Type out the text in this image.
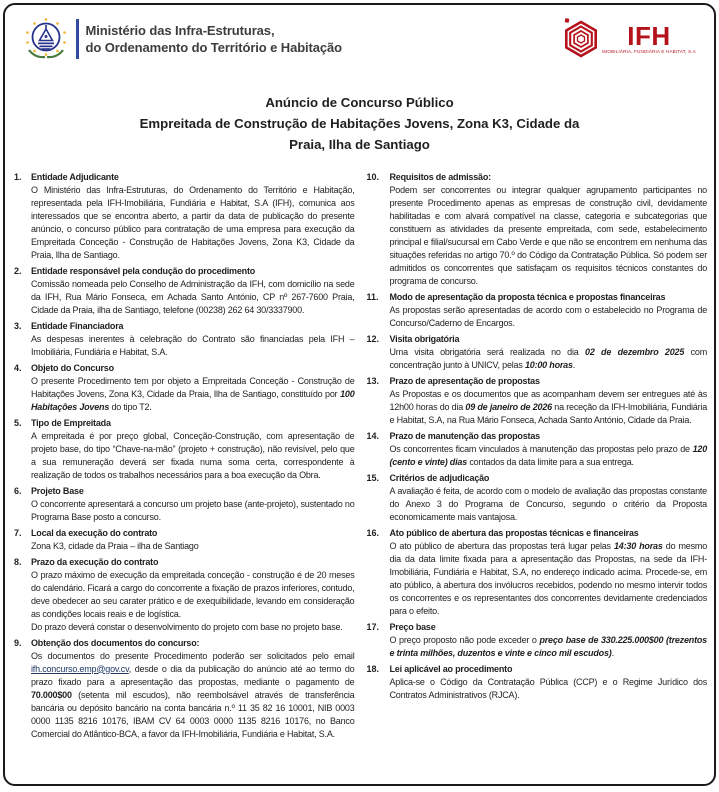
Ministério das Infra-Estruturas,
do Ordenamento do Território e Habitação	IFH
IMOBILIÁRIA, FUNDIÁRIA E HABITAT, S.A
Anúncio de Concurso Público
Empreitada de Construção de Habitações Jovens, Zona K3, Cidade da Praia, Ilha de Santiago
1.	Entidade Adjudicante

O Ministério das Infra-Estruturas, do Ordenamento do Território e Habitação, representada pela IFH-Imobiliária, Fundiária e Habitat, S.A (IFH), comunica aos interessados que se encontra aberto, a partir da data de publicação do presente anúncio, o concurso público para contratação de uma empresa para execução da Empreitada Conceção - Construção de Habitações Jovens, Zona K3, Cidade da Praia, Ilha de Santiago.

2.	Entidade responsável pela condução do procedimento

Comissão nomeada pelo Conselho de Administração da IFH, com domicílio na sede da IFH, Rua Mário Fonseca, em Achada Santo António, CP nº 267-7600 Praia, Cidade da Praia, ilha de Santiago, telefone (00238) 262 64 30/3337900.

3.	Entidade Financiadora

As despesas inerentes à celebração do Contrato são financiadas pela IFH – Imobiliária, Fundiária e Habitat, S.A.

4.	Objeto do Concurso

O presente Procedimento tem por objeto a Empreitada Conceção - Construção de Habitações Jovens, Zona K3, Cidade da Praia, Ilha de Santiago, constituído por 100 Habitações Jovens do tipo T2.

5.	Tipo de Empreitada

A empreitada é por preço global, Conceção-Construção, com apresentação de projeto base, do tipo “Chave-na-mão” (projeto + construção), não revisível, pelo que a sua remuneração deverá ser fixada numa soma certa, correspondente à realização de todos os trabalhos necessários para a boa execução da Obra.

6.	Projeto Base

O concorrente apresentará a concurso um projeto base (ante-projeto), sustentado no Programa Base posto a concurso.

7.	Local da execução do contrato

Zona K3, cidade da Praia – ilha de Santiago

8.	Prazo da execução do contrato

O prazo máximo de execução da empreitada conceção - construção é de 20 meses do calendário. Ficará a cargo do concorrente a fixação de prazos inferiores, contudo, deve obedecer ao seu carater prático e de exequibilidade, levando em consideração as condições locais reais e de logística.

Do prazo deverá constar o desenvolvimento do projeto com base no projeto base.

9.	Obtenção dos documentos do concurso:

Os documentos do presente Procedimento poderão ser solicitados pelo email ifh.concurso.emp@gov.cv, desde o dia da publicação do anúncio até ao termo do prazo fixado para a apresentação das propostas, mediante o pagamento de 70.000$00 (setenta mil escudos), não reembolsável através de transferência bancária ou depósito bancário na conta bancária n.º 11 35 82 16 10001, NIB 0003 0000 1135 8216 10176, IBAM CV 64 0003 0000 1135 8216 10176, no Banco Comercial do Atlântico-BCA, a favor da IFH-Imobiliária, Fundiária e Habitat, S.A.

10.	Requisitos de admissão:

Podem ser concorrentes ou integrar qualquer agrupamento participantes no presente Procedimento apenas as empresas de construção civil, devidamente habilitadas e com alvará compatível na classe, categoria e subcategorias que constituem as atividades da presente empreitada, com sede, estabelecimento principal e filial/sucursal em Cabo Verde e que não se encontrem em nenhuma das situações referidas no artigo 70.º do Código da Contratação Pública. Só podem ser admitidos os concorrentes que satisfaçam os requisitos técnicos constantes do programa de concurso.

11.	Modo de apresentação da proposta técnica e propostas financeiras

As propostas serão apresentadas de acordo com o estabelecido no Programa de Concurso/Caderno de Encargos.

12.	Visita obrigatória

Uma visita obrigatória será realizada no dia 02 de dezembro 2025 com concentração junto à UNICV, pelas 10:00 horas.

13.	Prazo de apresentação de propostas

As Propostas e os documentos que as acompanham devem ser entregues até às 12h00 horas do dia 09 de janeiro de 2026 na receção da IFH-Imobiliária, Fundiária e Habitat, S.A, na Rua Mário Fonseca, Achada Santo António, Cidade da Praia.

14.	Prazo de manutenção das propostas

Os concorrentes ficam vinculados à manutenção das propostas pelo prazo de 120 (cento e vinte) dias contados da data limite para a sua entrega.

15.	Critérios de adjudicação

A avaliação é feita, de acordo com o modelo de avaliação das propostas constante do Anexo 3 do Programa de Concurso, segundo o critério da Proposta economicamente mais vantajosa.

16.	Ato público de abertura das propostas técnicas e financeiras

O ato público de abertura das propostas terá lugar pelas 14:30 horas do mesmo dia da data limite fixada para a apresentação das Propostas, na sede da IFH-Imobiliária, Fundiária e Habitat, S.A, no endereço indicado acima. Procede-se, em ato público, à abertura dos invólucros recebidos, podendo no mesmo intervir todos os concorrentes e os representantes dos concorrentes devidamente credenciados para o efeito.

17.	Preço base

O preço proposto não pode exceder o preço base de 330.225.000$00 (trezentos e trinta milhões, duzentos e vinte e cinco mil escudos).

18.	Lei aplicável ao procedimento

Aplica-se o Código da Contratação Pública (CCP) e o Regime Jurídico dos Contratos Administrativos (RJCA).
